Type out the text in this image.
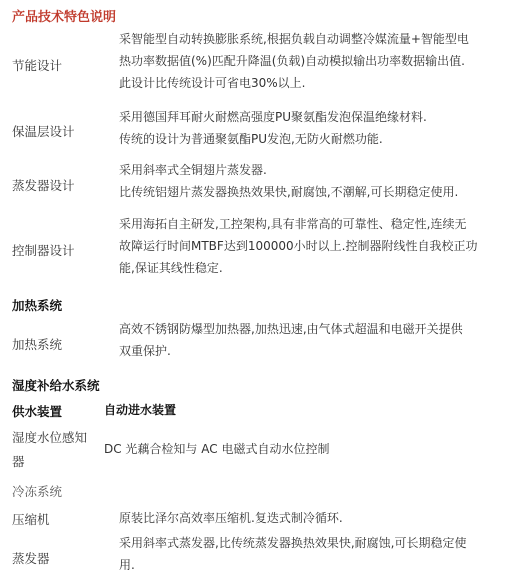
产品技术特色说明
节能设计

采智能型自动转换膨胀系统,根据负载自动调整冷媒流量+智能型电

热功率数据值(%)匹配升降温(负载)自动模拟输出功率数据输出值.

此设计比传统设计可省电30%以上.

保温层设计

采用德国拜耳耐火耐燃高强度PU聚氨酯发泡保温绝缘材料.

传统的设计为普通聚氨酯PU发泡,无防火耐燃功能.

蒸发器设计

采用斜率式全铜翅片蒸发器.

比传统铝翅片蒸发器换热效果快,耐腐蚀,不潮解,可长期稳定使用.

控制器设计

采用海拓自主研发,工控架构,具有非常高的可靠性、稳定性,连续无

故障运行时间MTBF达到100000小时以上.控制器附线性自我校正功

能,保证其线性稳定.

加热系统
加热系统

高效不锈钢防爆型加热器,加热迅速,由气体式超温和电磁开关提供

双重保护.

湿度补给水系统
供水装置	自动进水装置

湿度水位感知
器

DC 光藕合检知与 AC 电磁式自动水位控制

冷冻系统
压缩机	原装比泽尔高效率压缩机.复迭式制冷循环.

蒸发器

采用斜率式蒸发器,比传统蒸发器换热效果快,耐腐蚀,可长期稳定使

用.
